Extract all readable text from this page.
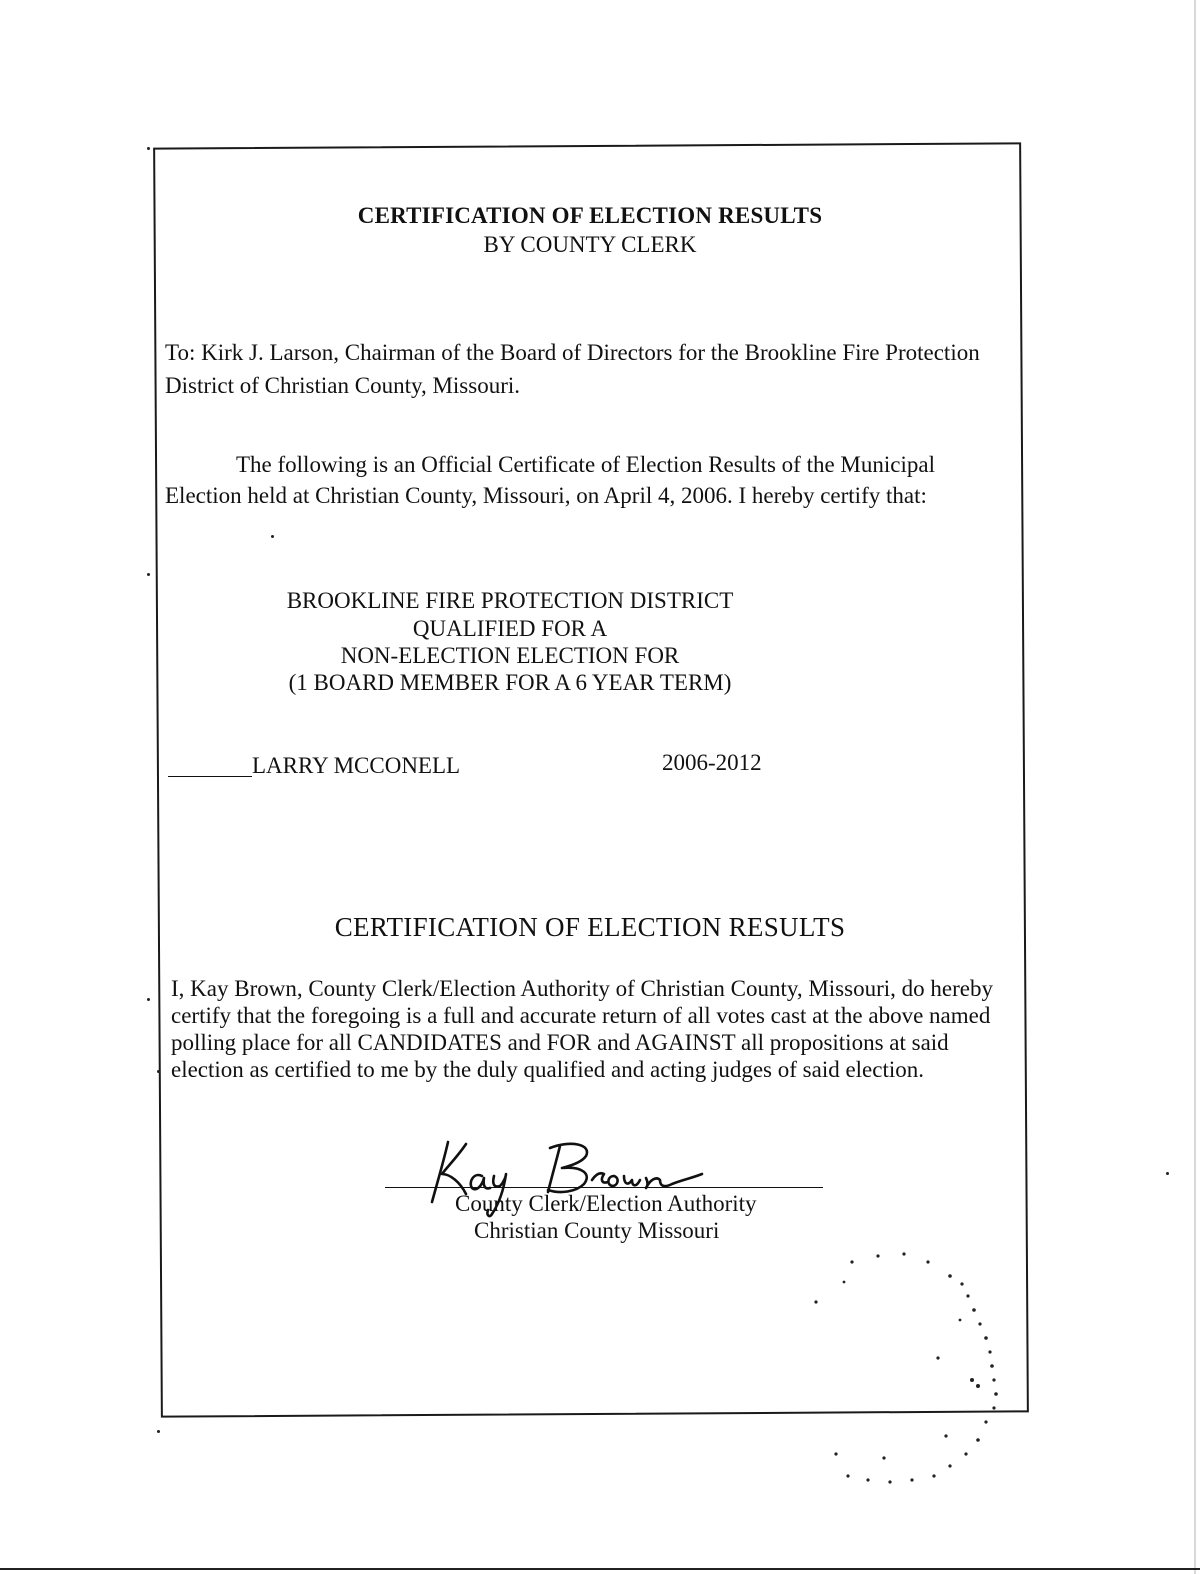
CERTIFICATION OF ELECTION RESULTS
BY COUNTY CLERK
To: Kirk J. Larson, Chairman of the Board of Directors for the Brookline Fire Protection
District of Christian County, Missouri.
The following is an Official Certificate of Election Results of the Municipal
Election held at Christian County, Missouri, on April 4, 2006. I hereby certify that:
BROOKLINE FIRE PROTECTION DISTRICT
QUALIFIED FOR A
NON-ELECTION ELECTION FOR
(1 BOARD MEMBER FOR A 6 YEAR TERM)
LARRY MCCONELL	2006-2012
CERTIFICATION OF ELECTION RESULTS
I, Kay Brown, County Clerk/Election Authority of Christian County, Missouri, do hereby
certify that the foregoing is a full and accurate return of all votes cast at the above named
polling place for all CANDIDATES and FOR and AGAINST all propositions at said
election as certified to me by the duly qualified and acting judges of said election.
County Clerk/Election Authority
Christian County Missouri
